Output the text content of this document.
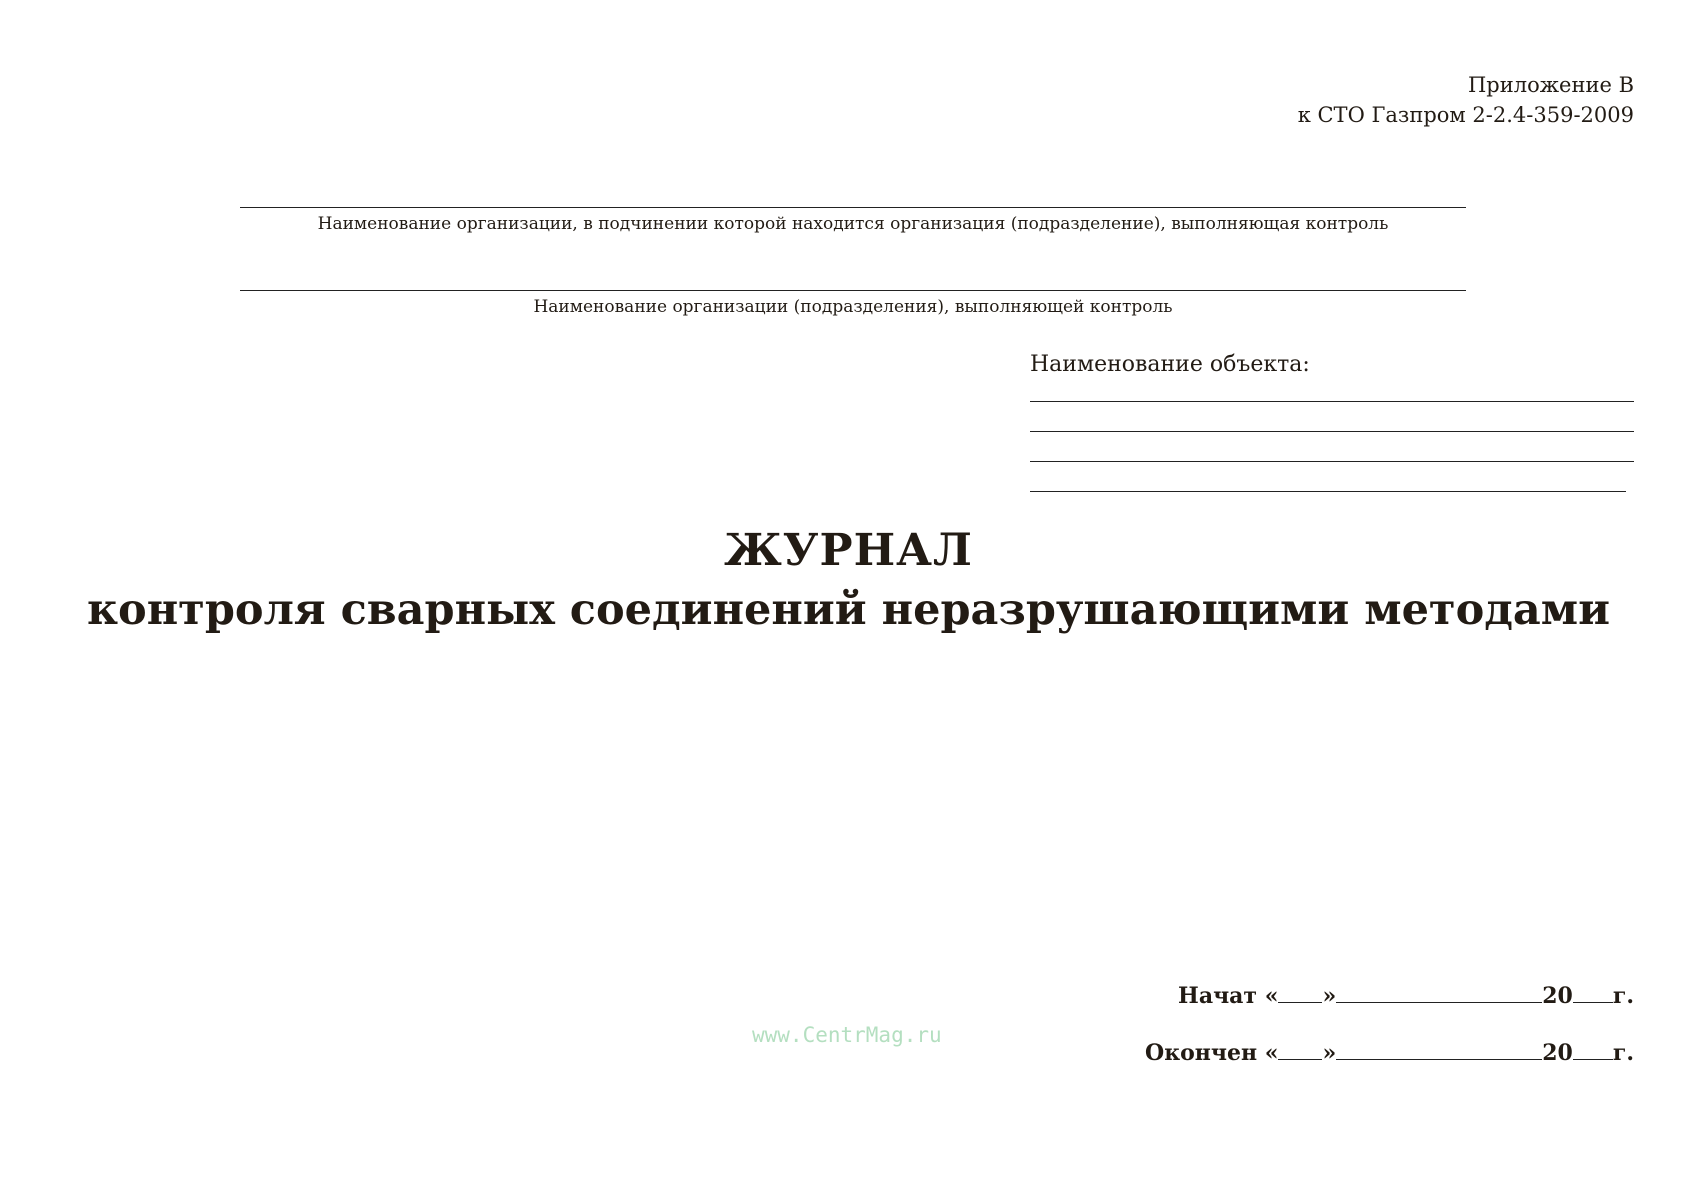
Приложение В
к СТО Газпром 2-2.4-359-2009
Наименование организации, в подчинении которой находится организация (подразделение), выполняющая контроль
Наименование организации (подразделения), выполняющей контроль
Наименование объекта:
ЖУРНАЛ
контроля сварных соединений неразрушающими методами
Начат « »	20 г.
Окончен « »	20 г.
www.CentrMag.ru
